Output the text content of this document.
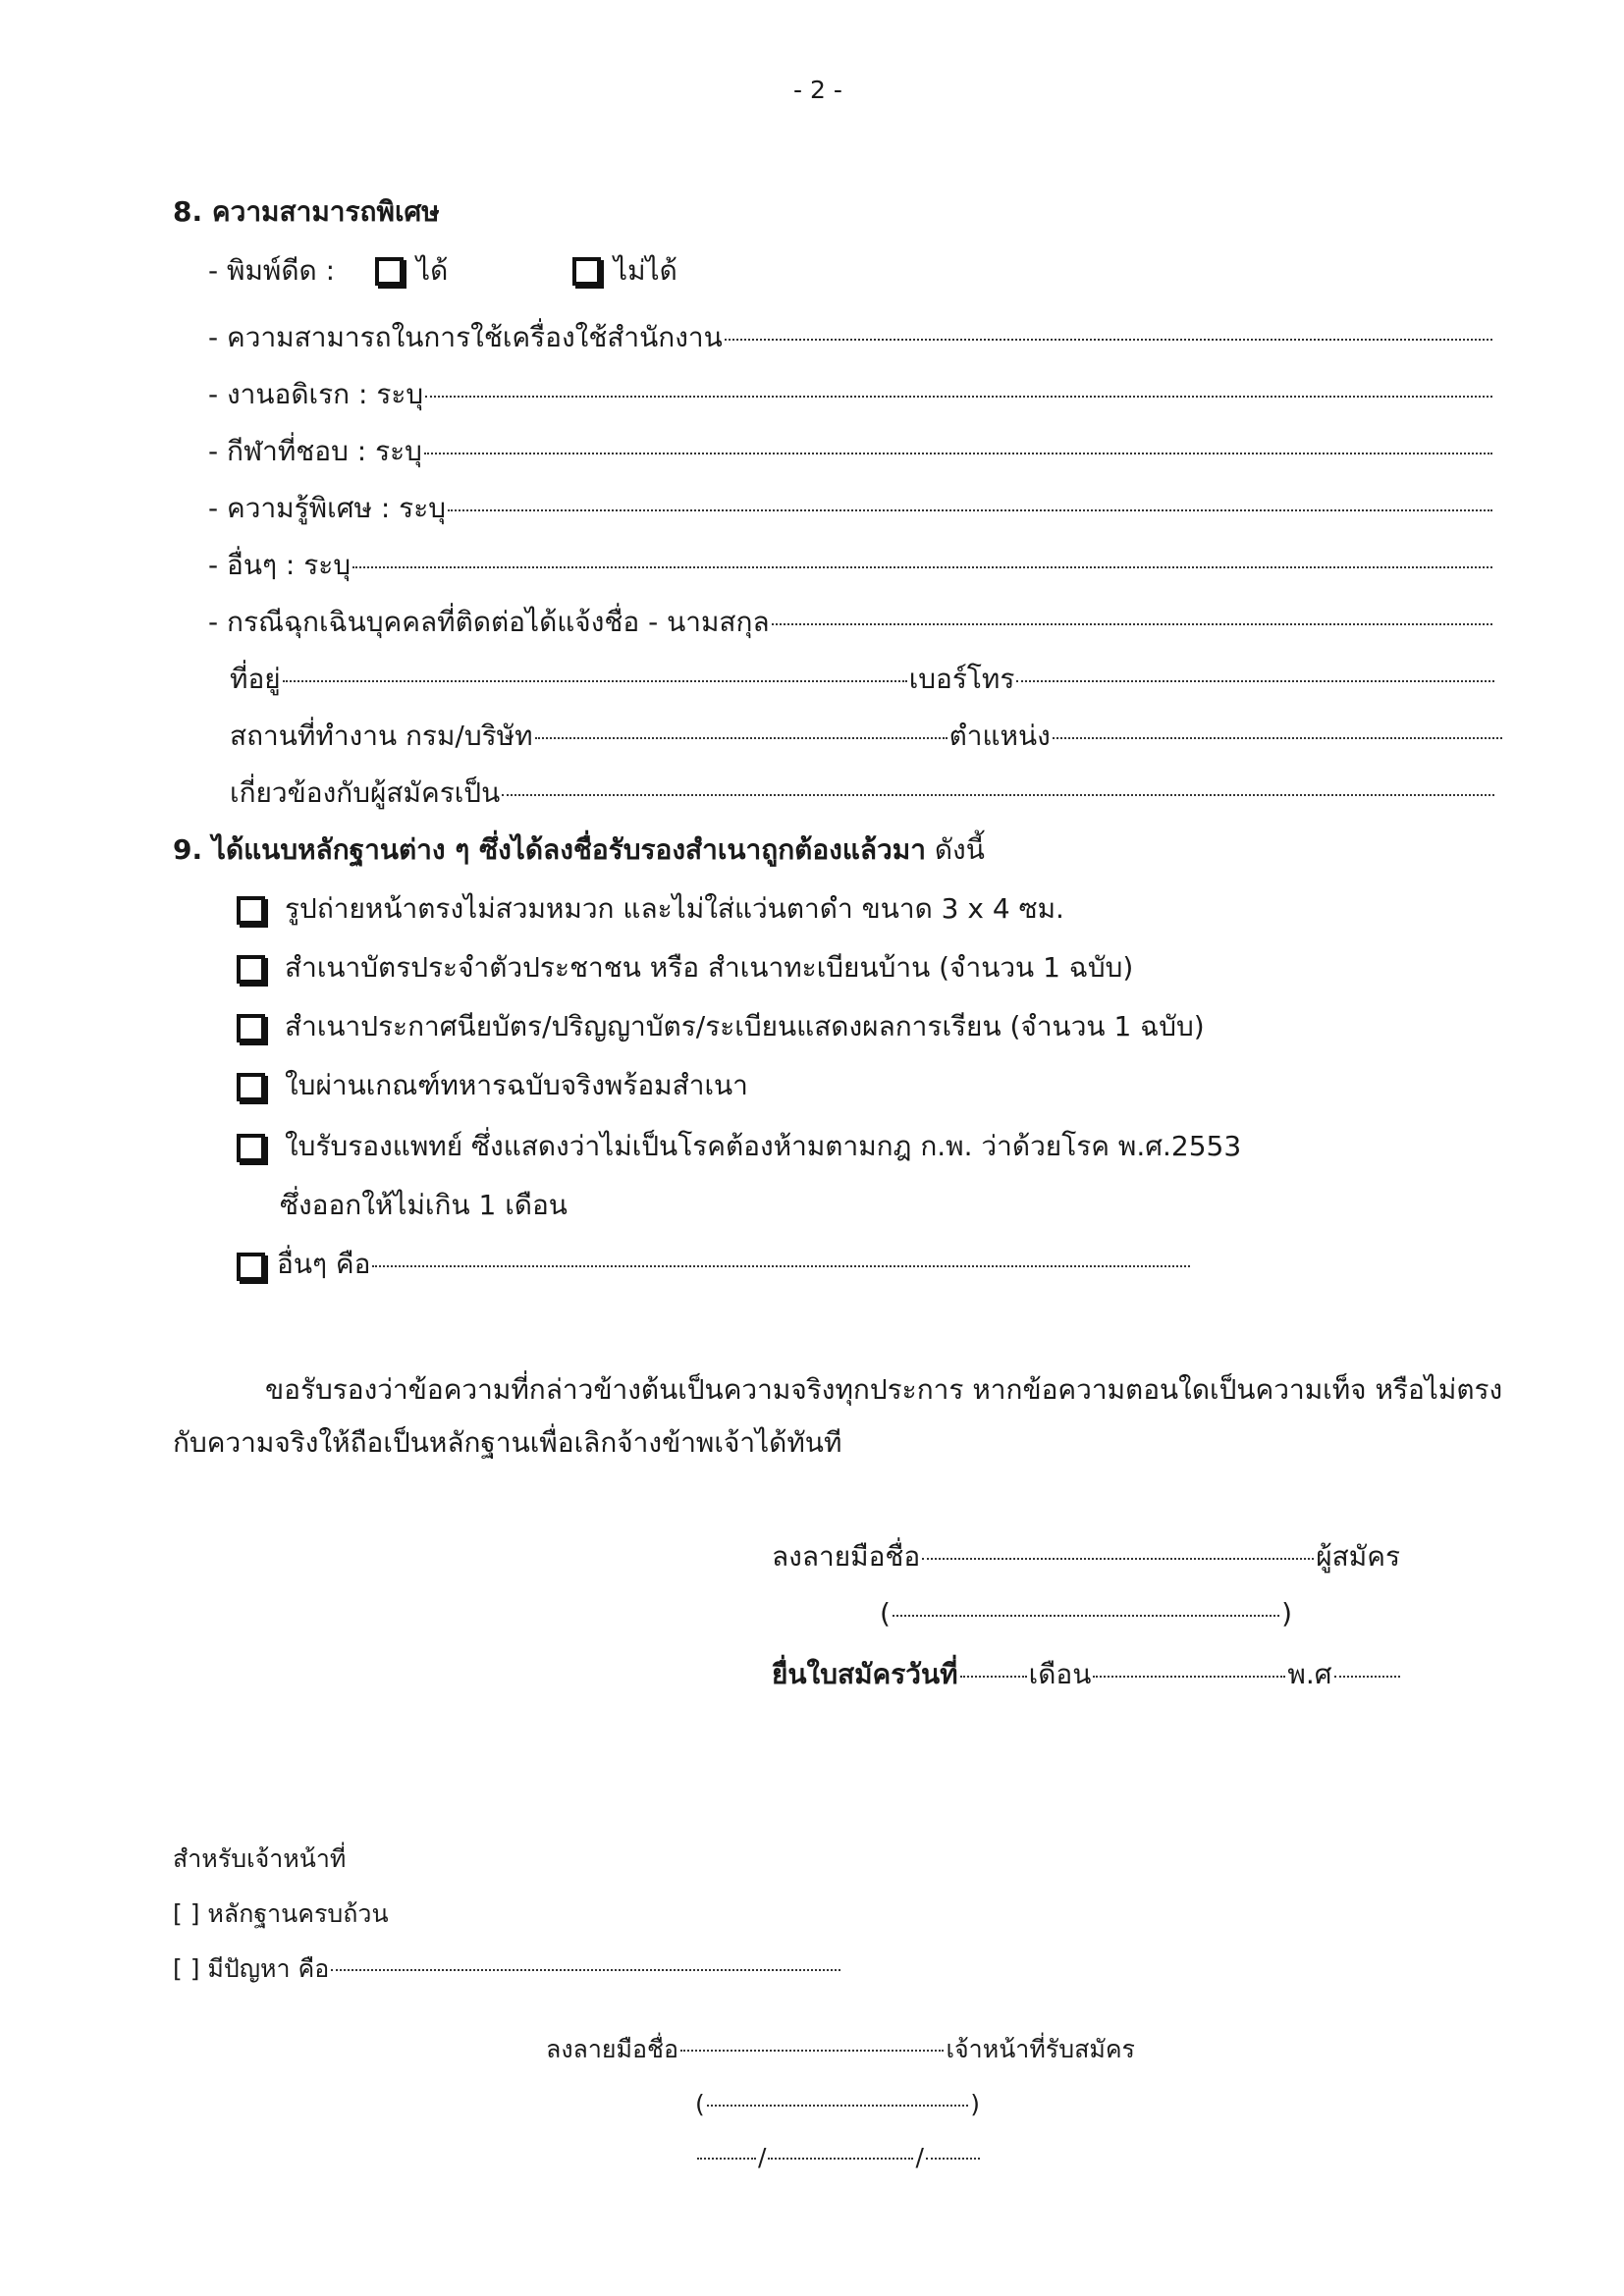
- 2 -
8. ความสามารถพิเศษ
- พิมพ์ดีด :	ได้	ไม่ได้
- ความสามารถในการใช้เครื่องใช้สำนักงาน
- งานอดิเรก : ระบุ
- กีฬาที่ชอบ : ระบุ
- ความรู้พิเศษ : ระบุ
- อื่นๆ : ระบุ
- กรณีฉุกเฉินบุคคลที่ติดต่อได้แจ้งชื่อ - นามสกุล
ที่อยู่	เบอร์โทร
สถานที่ทำงาน กรม/บริษัท	ตำแหน่ง
เกี่ยวข้องกับผู้สมัครเป็น
9. ได้แนบหลักฐานต่าง ๆ ซึ่งได้ลงชื่อรับรองสำเนาถูกต้องแล้วมา ดังนี้
รูปถ่ายหน้าตรงไม่สวมหมวก และไม่ใส่แว่นตาดำ ขนาด 3 x 4 ซม.
สำเนาบัตรประจำตัวประชาชน หรือ สำเนาทะเบียนบ้าน (จำนวน 1 ฉบับ)
สำเนาประกาศนียบัตร/ปริญญาบัตร/ระเบียนแสดงผลการเรียน (จำนวน 1 ฉบับ)
ใบผ่านเกณฑ์ทหารฉบับจริงพร้อมสำเนา
ใบรับรองแพทย์ ซึ่งแสดงว่าไม่เป็นโรคต้องห้ามตามกฎ ก.พ. ว่าด้วยโรค พ.ศ.2553
ซึ่งออกให้ไม่เกิน 1 เดือน
อื่นๆ คือ
ขอรับรองว่าข้อความที่กล่าวข้างต้นเป็นความจริงทุกประการ หากข้อความตอนใดเป็นความเท็จ หรือไม่ตรง
กับความจริงให้ถือเป็นหลักฐานเพื่อเลิกจ้างข้าพเจ้าได้ทันที
ลงลายมือชื่อ	ผู้สมัคร
(	)
ยื่นใบสมัครวันที่	เดือน	พ.ศ
สำหรับเจ้าหน้าที่
[ ] หลักฐานครบถ้วน
[ ] มีปัญหา คือ
ลงลายมือชื่อ	เจ้าหน้าที่รับสมัคร
(	)
/	/
